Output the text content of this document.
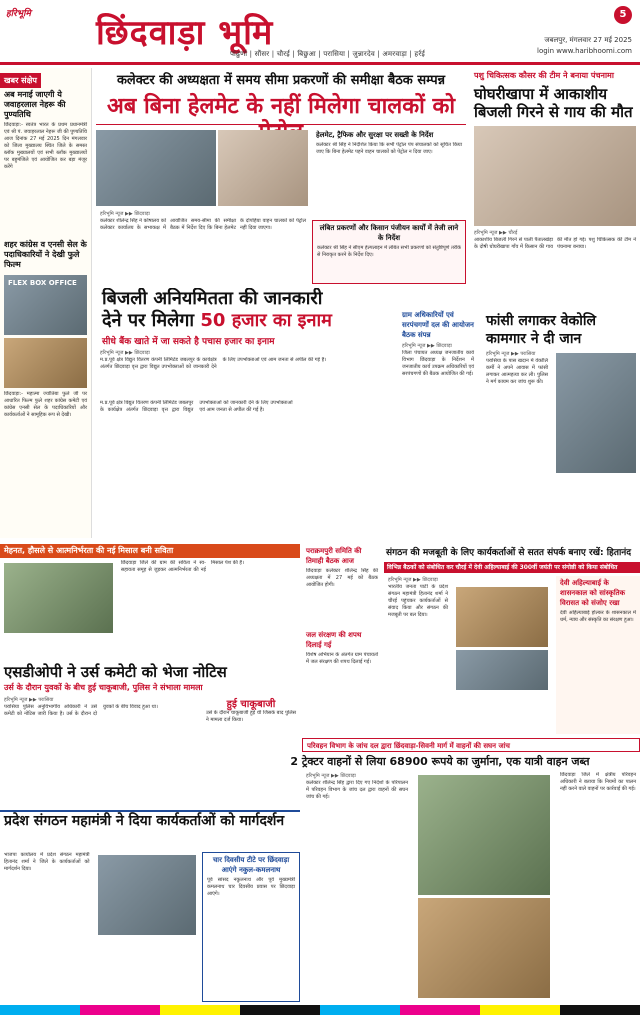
हरिभूमि छिंदवाड़ा भूमि	5
जबलपुर, मंगलवार 27 मई 2025
login www.haribhoomi.com
पांढुर्णा | सौंसर | चौरई | बिछुआ | परासिया | जुन्नारदेव | अमरवाड़ा | हर्रई
खबर संक्षेप
अब मनाई जाएगी ये जवाहरलाल नेहरू की पुण्यतिथि
छिंदवाड़ा:- स्वतंत्र भारत के प्रथम प्रधानमंत्री एवं श्री पं. जवाहरलाल नेहरू जी की पुण्यतिथि आज दिनांक 27 मई 2025 दिन मंगलवार को जिला मुख्यालय स्थित जिले के समस्त ब्लॉक मुख्यालयों एवं सभी ब्लॉक मुख्यालयों पर बहुमंजिले एवं आयोजित कर बड़ा मंजूर करेंगे
शहर कांग्रेस व एनसी सेल के पदाधिकारियों ने देखी फुले फिल्म
FLEX BOX OFFICE
छिंदवाड़ा:- महात्मा ज्योतिबा फुले जी पर आधारित फिल्म फुले शहर कांग्रेस कमेटी एवं कांग्रेस एनसी सेल के पदाधिकारियों और कार्यकर्ताओं ने सामूहिक रूप से देखी।
कलेक्टर की अध्यक्षता में समय सीमा प्रकरणों की समीक्षा बैठक सम्पन्न
अब बिना हेलमेट के नहीं मिलेगा चालकों को
हेलमेट, ट्रैफिक और सुरक्षा पर सख्ती के निर्देश
कलेक्टर श्री सिंह ने निर्देशित किया कि सभी पेट्रोल पंप संचालकों को सूचित किया जाए कि बिना हेलमेट पहने वाहन चालकों को पेट्रोल न दिया जाए।
हरिभूमि न्यूज ▶▶ छिंदवाड़ा
कलेक्टर शीलेन्द्र सिंह ने कोषालय को कलेक्टर कार्यालय के सभाकक्ष में आयोजित समय-सीमा की समीक्षा बैठक में निर्देश दिए कि बिना हेलमेट के दोपहिया वाहन चालकों को पेट्रोल नहीं दिया जाएगा।	लंबित प्रकरणों और किसान पंजीयन कार्यों में तेजी लाने के निर्देश
कलेक्टर श्री सिंह ने सीएम हेल्पलाइन में लंबित सभी प्रकरणों को संतुष्टिपूर्ण तरीके से निराकृत करने के निर्देश दिए।
पशु चिकित्सक कौसर की टीम ने बनाया पंचनामा
घोघरीखापा में आकाशीय बिजली गिरने से गाय की मौत
हरिभूमि न्यूज ▶▶ चौरई
आकाशीय बिजली गिरने से पाली पैतालखेड़ा के दोषी घोघरीखापा गाँव में किसान की गाय की मौत हो गई। पशु चिकित्सक की टीम ने पंचनामा बनाया।
बिजली अनियमितता की जानकारी
देने पर मिलेगा 50 हजार का इनाम
सीधे बैंक खाते में जा सकते है पचास हजार का इनाम
हरिभूमि न्यूज ▶▶ छिंदवाड़ा
म.प्र.पूर्व क्षेत्र विद्युत वितरण कंपनी लिमिटेड जबलपुर के कार्यक्षेत्र अंतर्गत छिंदवाड़ा वृत्त द्वारा विद्युत उपभोक्ताओं को जानकारी देने के लिए उपभोक्ताओं एवं आम जनता से अपील की गई है।
म.प्र.पूर्व क्षेत्र विद्युत वितरण कंपनी लिमिटेड जबलपुर के कार्यक्षेत्र अंतर्गत छिंदवाड़ा वृत्त द्वारा विद्युत उपभोक्ताओं को जानकारी देने के लिए उपभोक्ताओं एवं आम जनता से अपील की गई है।
ग्राम अधिकारियों एवं सरपंचगणों दल की आयोजन बैठक संपन्न
हरिभूमि न्यूज ▶▶ छिंदवाड़ा
जिला पंचायत अध्यक्ष जनजातीय कार्य विभाग छिंदवाड़ा के निर्देशन में जनजातीय कार्य उपक्रम अधिकारियों एवं सरपंचगणों की बैठक आयोजित की गई।
फांसी लगाकर वेकोलि कामगार ने दी जान
हरिभूमि न्यूज ▶▶ परासिया
परासिया के पास खदान में वेकोलि कर्मी ने अपने आवास में फांसी लगाकर आत्महत्या कर ली। पुलिस ने मर्ग कायम कर जांच शुरू की।
मेहनत, हौसले से आत्मनिर्भरता की नई मिसाल बनी सविता
छिंदवाड़ा जिले की ग्राम की सविता ने स्व-सहायता समूह से जुड़कर आत्मनिर्भरता की नई मिसाल पेश की है।
पराक्रमपुरी समिति की तिमाही बैठक आज
छिंदवाड़ा कलेक्टर शीलेन्द्र सिंह की अध्यक्षता में 27 मई को बैठक आयोजित होगी।
जल संरक्षण की शपथ दिलाई गई
विशेष अभियान के अंतर्गत ग्राम पंचायतों में जल संरक्षण की शपथ दिलाई गई।
संगठन की मजबूती के लिए कार्यकर्ताओं से सतत संपर्क बनाए रखें: हितानंद
विभिन्न बैठकों को संबोधित कर चौरई में देवी अहिल्याबाई की 300वीं जयंती पर संगोष्ठी को किया संबोधित
हरिभूमि न्यूज ▶▶ छिंदवाड़ा
भारतीय जनता पार्टी के प्रदेश संगठन महामंत्री हितानंद शर्मा ने चौरई पहुंचकर कार्यकर्ताओं से संवाद किया और संगठन की मजबूती पर बल दिया।
देवी अहिल्याबाई के शासनकाल को सांस्कृतिक विरासत को संजोए रखा
देवी अहिल्याबाई होल्कर के शासनकाल में धर्म, न्याय और संस्कृति का संरक्षण हुआ।
एसडीओपी ने उर्स कमेटी को भेजा नोटिस
उर्स के दौरान युवकों के बीच हुई चाकूबाजी, पुलिस ने संभाला मामला
हरिभूमि न्यूज ▶▶ परासिया
परासिया पुलिस अनुविभागीय अधिकारी ने उर्स कमेटी को नोटिस जारी किया है। उर्स के दौरान दो युवकों के बीच विवाद हुआ था।	हुई चाकूबाजी
उर्स के दौरान चाकूबाजी हुई थी जिसके बाद पुलिस ने मामला दर्ज किया।
परिवहन विभाग के जांच दल द्वारा छिंदवाड़ा-सिवनी मार्ग में वाहनों की सघन जांच
2 ट्रेक्टर वाहनों से लिया 68900 रूपये का जुर्माना, एक यात्री वाहन जब्त
हरिभूमि न्यूज ▶▶ छिंदवाड़ा
कलेक्टर शीलेन्द्र सिंह द्वारा दिए गए निर्देशों के परिपालन में परिवहन विभाग के जांच दल द्वारा वाहनों की सघन जांच की गई।
छिंदवाड़ा जिले में क्षेत्रीय परिवहन अधिकारी ने बताया कि नियमों का पालन नहीं करने वाले वाहनों पर कार्रवाई की गई।
प्रदेश संगठन महामंत्री ने दिया कार्यकर्ताओं को मार्गदर्शन
भाजपा कार्यालय में प्रदेश संगठन महामंत्री हितानंद शर्मा ने जिले के कार्यकर्ताओं को मार्गदर्शन दिया।
चार दिवसीय टीटे पर छिंदवाड़ा आएंगे नकुल-कमलनाथ
पूर्व सांसद नकुलनाथ और पूर्व मुख्यमंत्री कमलनाथ चार दिवसीय प्रवास पर छिंदवाड़ा आएंगे।
